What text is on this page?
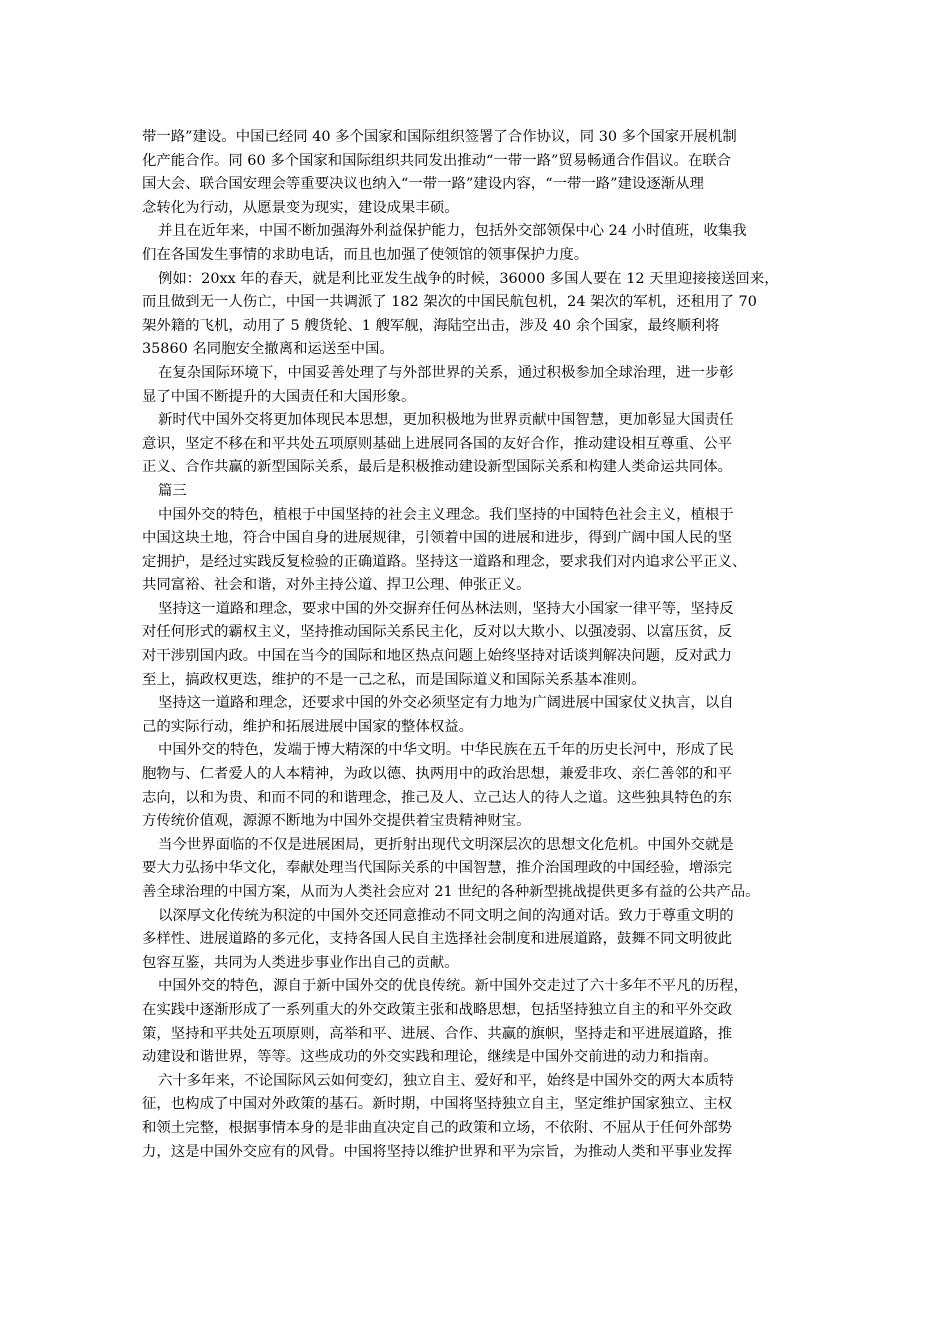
带一路”建设。中国已经同 40 多个国家和国际组织签署了合作协议，同 30 多个国家开展机制
化产能合作。同 60 多个国家和国际组织共同发出推动“一带一路”贸易畅通合作倡议。在联合
国大会、联合国安理会等重要决议也纳入“一带一路”建设内容，“一带一路”建设逐渐从理
念转化为行动，从愿景变为现实，建设成果丰硕。
并且在近年来，中国不断加强海外利益保护能力，包括外交部领保中心 24 小时值班，收集我
们在各国发生事情的求助电话，而且也加强了使领馆的领事保护力度。
例如：20xx 年的春天，就是利比亚发生战争的时候，36000 多国人要在 12 天里迎接接送回来，
而且做到无一人伤亡，中国一共调派了 182 架次的中国民航包机，24 架次的军机，还租用了 70
架外籍的飞机，动用了 5 艘货轮、1 艘军舰，海陆空出击，涉及 40 余个国家，最终顺利将
35860 名同胞安全撤离和运送至中国。
在复杂国际环境下，中国妥善处理了与外部世界的关系，通过积极参加全球治理，进一步彰
显了中国不断提升的大国责任和大国形象。
新时代中国外交将更加体现民本思想，更加积极地为世界贡献中国智慧，更加彰显大国责任
意识，坚定不移在和平共处五项原则基础上进展同各国的友好合作，推动建设相互尊重、公平
正义、合作共赢的新型国际关系，最后是积极推动建设新型国际关系和构建人类命运共同体。
篇三
中国外交的特色，植根于中国坚持的社会主义理念。我们坚持的中国特色社会主义，植根于
中国这块土地，符合中国自身的进展规律，引领着中国的进展和进步，得到广阔中国人民的坚
定拥护，是经过实践反复检验的正确道路。坚持这一道路和理念，要求我们对内追求公平正义、
共同富裕、社会和谐，对外主持公道、捍卫公理、伸张正义。
坚持这一道路和理念，要求中国的外交摒弃任何丛林法则，坚持大小国家一律平等，坚持反
对任何形式的霸权主义，坚持推动国际关系民主化，反对以大欺小、以强凌弱、以富压贫，反
对干涉别国内政。中国在当今的国际和地区热点问题上始终坚持对话谈判解决问题，反对武力
至上，搞政权更迭，维护的不是一己之私，而是国际道义和国际关系基本准则。
坚持这一道路和理念，还要求中国的外交必须坚定有力地为广阔进展中国家仗义执言，以自
己的实际行动，维护和拓展进展中国家的整体权益。
中国外交的特色，发端于博大精深的中华文明。中华民族在五千年的历史长河中，形成了民
胞物与、仁者爱人的人本精神，为政以德、执两用中的政治思想，兼爱非攻、亲仁善邻的和平
志向，以和为贵、和而不同的和谐理念，推己及人、立己达人的待人之道。这些独具特色的东
方传统价值观，源源不断地为中国外交提供着宝贵精神财宝。
当今世界面临的不仅是进展困局，更折射出现代文明深层次的思想文化危机。中国外交就是
要大力弘扬中华文化，奉献处理当代国际关系的中国智慧，推介治国理政的中国经验，增添完
善全球治理的中国方案，从而为人类社会应对 21 世纪的各种新型挑战提供更多有益的公共产品。
以深厚文化传统为积淀的中国外交还同意推动不同文明之间的沟通对话。致力于尊重文明的
多样性、进展道路的多元化，支持各国人民自主选择社会制度和进展道路，鼓舞不同文明彼此
包容互鉴，共同为人类进步事业作出自己的贡献。
中国外交的特色，源自于新中国外交的优良传统。新中国外交走过了六十多年不平凡的历程，
在实践中逐渐形成了一系列重大的外交政策主张和战略思想，包括坚持独立自主的和平外交政
策，坚持和平共处五项原则，高举和平、进展、合作、共赢的旗帜，坚持走和平进展道路，推
动建设和谐世界，等等。这些成功的外交实践和理论，继续是中国外交前进的动力和指南。
六十多年来，不论国际风云如何变幻，独立自主、爱好和平，始终是中国外交的两大本质特
征，也构成了中国对外政策的基石。新时期，中国将坚持独立自主，坚定维护国家独立、主权
和领土完整，根据事情本身的是非曲直决定自己的政策和立场，不依附、不屈从于任何外部势
力，这是中国外交应有的风骨。中国将坚持以维护世界和平为宗旨，为推动人类和平事业发挥
